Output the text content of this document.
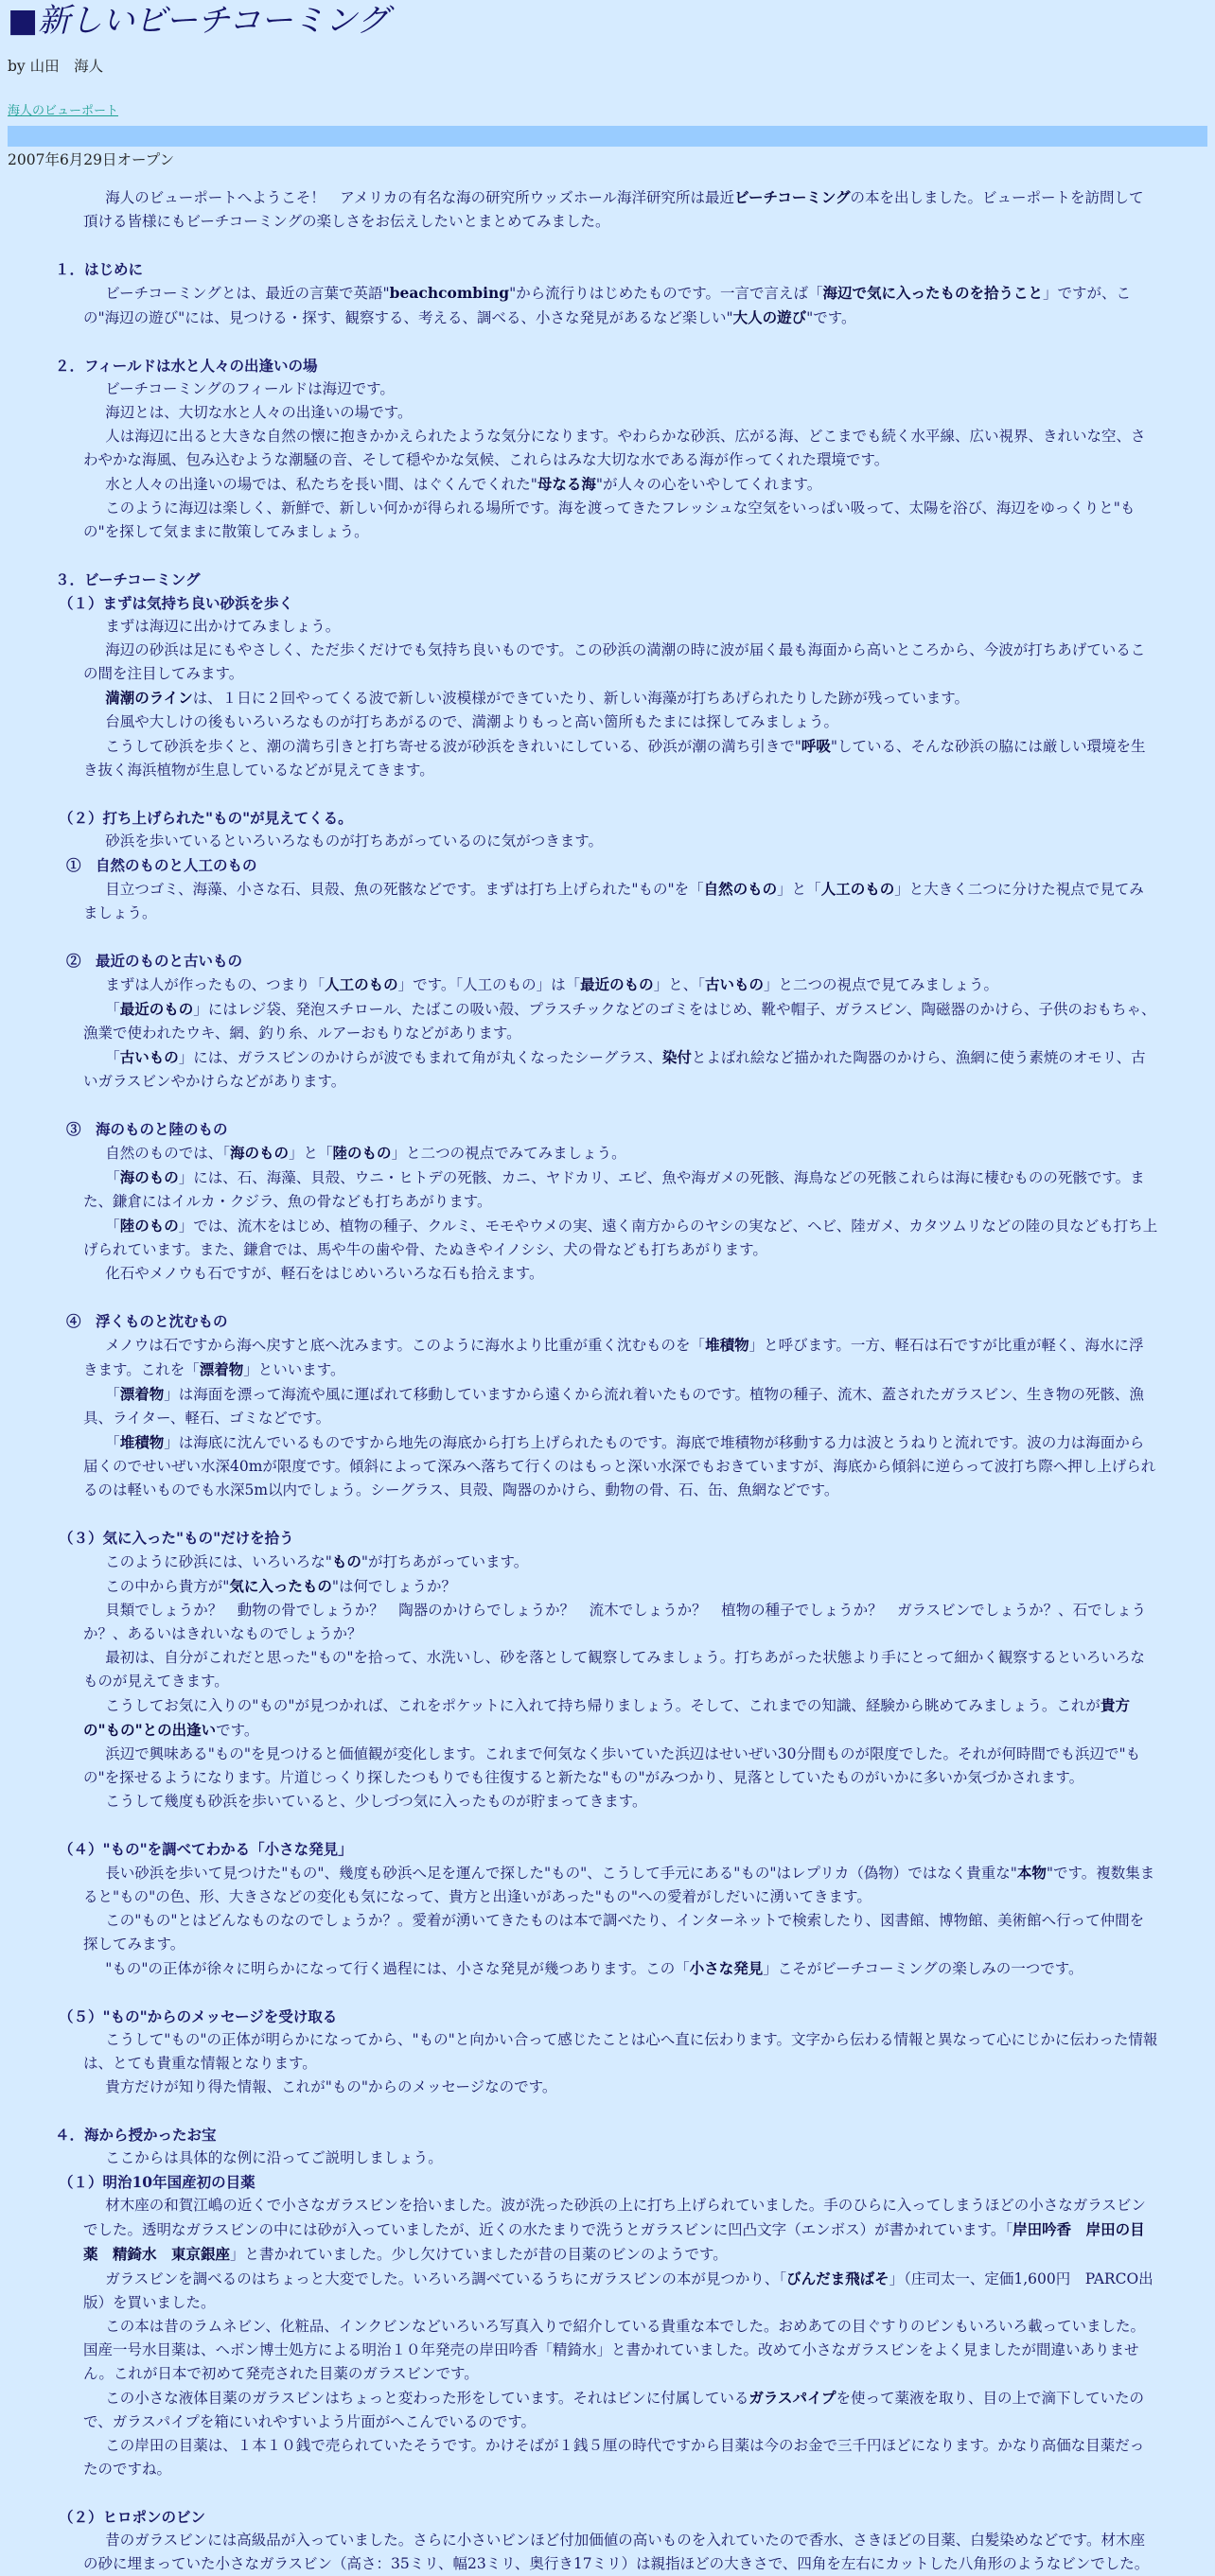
■新しいビーチコーミング
by 山田　海人
海人のビューポート
2007年6月29日オープン

海人のビューポートへようこそ！　アメリカの有名な海の研究所ウッズホール海洋研究所は最近ビーチコーミングの本を出しました。ビューポートを訪問して頂ける皆様にもビーチコーミングの楽しさをお伝えしたいとまとめてみました。

１．はじめに

ビーチコーミングとは、最近の言葉で英語"beachcombing"から流行りはじめたものです。一言で言えば「海辺で気に入ったものを拾うこと」ですが、この"海辺の遊び"には、見つける・探す、観察する、考える、調べる、小さな発見があるなど楽しい"大人の遊び"です。

２．フィールドは水と人々の出逢いの場

ビーチコーミングのフィールドは海辺です。

海辺とは、大切な水と人々の出逢いの場です。

人は海辺に出ると大きな自然の懐に抱きかかえられたような気分になります。やわらかな砂浜、広がる海、どこまでも続く水平線、広い視界、きれいな空、さわやかな海風、包み込むような潮騒の音、そして穏やかな気候、これらはみな大切な水である海が作ってくれた環境です。

水と人々の出逢いの場では、私たちを長い間、はぐくんでくれた"母なる海"が人々の心をいやしてくれます。

このように海辺は楽しく、新鮮で、新しい何かが得られる場所です。海を渡ってきたフレッシュな空気をいっぱい吸って、太陽を浴び、海辺をゆっくりと"もの"を探して気ままに散策してみましょう。

３．ビーチコーミング
（１）まずは気持ち良い砂浜を歩く

まずは海辺に出かけてみましょう。

海辺の砂浜は足にもやさしく、ただ歩くだけでも気持ち良いものです。この砂浜の満潮の時に波が届く最も海面から高いところから、今波が打ちあげているこの間を注目してみます。

満潮のラインは、１日に２回やってくる波で新しい波模様ができていたり、新しい海藻が打ちあげられたりした跡が残っています。

台風や大しけの後もいろいろなものが打ちあがるので、満潮よりもっと高い箇所もたまには探してみましょう。

こうして砂浜を歩くと、潮の満ち引きと打ち寄せる波が砂浜をきれいにしている、砂浜が潮の満ち引きで"呼吸"している、そんな砂浜の脇には厳しい環境を生き抜く海浜植物が生息しているなどが見えてきます。

（２）打ち上げられた"もの"が見えてくる。

砂浜を歩いているといろいろなものが打ちあがっているのに気がつきます。

①　自然のものと人工のもの

目立つゴミ、海藻、小さな石、貝殻、魚の死骸などです。まずは打ち上げられた"もの"を「自然のもの」と「人工のもの」と大きく二つに分けた視点で見てみましょう。

②　最近のものと古いもの

まずは人が作ったもの、つまり「人工のもの」です。「人工のもの」は「最近のもの」と、「古いもの」と二つの視点で見てみましょう。

「最近のもの」にはレジ袋、発泡スチロール、たばこの吸い殻、プラスチックなどのゴミをはじめ、靴や帽子、ガラスビン、陶磁器のかけら、子供のおもちゃ、漁業で使われたウキ、網、釣り糸、ルアーおもりなどがあります。

「古いもの」には、ガラスビンのかけらが波でもまれて角が丸くなったシーグラス、染付とよばれ絵など描かれた陶器のかけら、漁網に使う素焼のオモリ、古いガラスビンやかけらなどがあります。

③　海のものと陸のもの

自然のものでは、「海のもの」と「陸のもの」と二つの視点でみてみましょう。

「海のもの」には、石、海藻、貝殻、ウニ・ヒトデの死骸、カニ、ヤドカリ、エビ、魚や海ガメの死骸、海鳥などの死骸これらは海に棲むものの死骸です。また、鎌倉にはイルカ・クジラ、魚の骨なども打ちあがります。

「陸のもの」では、流木をはじめ、植物の種子、クルミ、モモやウメの実、遠く南方からのヤシの実など、ヘビ、陸ガメ、カタツムリなどの陸の貝なども打ち上げられています。また、鎌倉では、馬や牛の歯や骨、たぬきやイノシシ、犬の骨なども打ちあがります。

化石やメノウも石ですが、軽石をはじめいろいろな石も拾えます。

④　浮くものと沈むもの

メノウは石ですから海へ戻すと底へ沈みます。このように海水より比重が重く沈むものを「堆積物」と呼びます。一方、軽石は石ですが比重が軽く、海水に浮きます。これを「漂着物」といいます。

「漂着物」は海面を漂って海流や風に運ばれて移動していますから遠くから流れ着いたものです。植物の種子、流木、蓋されたガラスビン、生き物の死骸、漁具、ライター、軽石、ゴミなどです。

「堆積物」は海底に沈んでいるものですから地先の海底から打ち上げられたものです。海底で堆積物が移動する力は波とうねりと流れです。波の力は海面から届くのでせいぜい水深40mが限度です。傾斜によって深みへ落ちて行くのはもっと深い水深でもおきていますが、海底から傾斜に逆らって波打ち際へ押し上げられるのは軽いものでも水深5m以内でしょう。シーグラス、貝殻、陶器のかけら、動物の骨、石、缶、魚網などです。

（３）気に入った"もの"だけを拾う

このように砂浜には、いろいろな"もの"が打ちあがっています。

この中から貴方が"気に入ったもの"は何でしょうか？

貝類でしょうか？　動物の骨でしょうか？　陶器のかけらでしょうか？　流木でしょうか？　植物の種子でしょうか？　ガラスビンでしょうか？、石でしょうか？、あるいはきれいなものでしょうか？

最初は、自分がこれだと思った"もの"を拾って、水洗いし、砂を落として観察してみましょう。打ちあがった状態より手にとって細かく観察するといろいろなものが見えてきます。

こうしてお気に入りの"もの"が見つかれば、これをポケットに入れて持ち帰りましょう。そして、これまでの知識、経験から眺めてみましょう。これが貴方の"もの"との出逢いです。

浜辺で興味ある"もの"を見つけると価値観が変化します。これまで何気なく歩いていた浜辺はせいぜい30分間ものが限度でした。それが何時間でも浜辺で"もの"を探せるようになります。片道じっくり探したつもりでも往復すると新たな"もの"がみつかり、見落としていたものがいかに多いか気づかされます。

こうして幾度も砂浜を歩いていると、少しづつ気に入ったものが貯まってきます。

（４）"もの"を調べてわかる「小さな発見」

長い砂浜を歩いて見つけた"もの"、幾度も砂浜へ足を運んで探した"もの"、こうして手元にある"もの"はレプリカ（偽物）ではなく貴重な"本物"です。複数集まると"もの"の色、形、大きさなどの変化も気になって、貴方と出逢いがあった"もの"への愛着がしだいに湧いてきます。

この"もの"とはどんなものなのでしょうか？。愛着が湧いてきたものは本で調べたり、インターネットで検索したり、図書館、博物館、美術館へ行って仲間を探してみます。

"もの"の正体が徐々に明らかになって行く過程には、小さな発見が幾つあります。この「小さな発見」こそがビーチコーミングの楽しみの一つです。

（５）"もの"からのメッセージを受け取る

こうして"もの"の正体が明らかになってから、"もの"と向かい合って感じたことは心へ直に伝わります。文字から伝わる情報と異なって心にじかに伝わった情報は、とても貴重な情報となります。

貴方だけが知り得た情報、これが"もの"からのメッセージなのです。

４．海から授かったお宝

ここからは具体的な例に沿ってご説明しましょう。

（１）明治10年国産初の目薬

材木座の和賀江嶋の近くで小さなガラスビンを拾いました。波が洗った砂浜の上に打ち上げられていました。手のひらに入ってしまうほどの小さなガラスビンでした。透明なガラスビンの中には砂が入っていましたが、近くの水たまりで洗うとガラスビンに凹凸文字（エンボス）が書かれています。「岸田吟香　岸田の目薬　精錡水　東京銀座」と書かれていました。少し欠けていましたが昔の目薬のビンのようです。

ガラスビンを調べるのはちょっと大変でした。いろいろ調べているうちにガラスビンの本が見つかり、「びんだま飛ばそ」（庄司太一、定価1,600円　PARCO出版）を買いました。

この本は昔のラムネビン、化粧品、インクビンなどいろいろ写真入りで紹介している貴重な本でした。おめあての目ぐすりのビンもいろいろ載っていました。国産一号水目薬は、ヘボン博士処方による明治１０年発売の岸田吟香「精錡水」と書かれていました。改めて小さなガラスビンをよく見ましたが間違いありません。これが日本で初めて発売された目薬のガラスビンです。

この小さな液体目薬のガラスビンはちょっと変わった形をしています。それはビンに付属しているガラスパイプを使って薬液を取り、目の上で滴下していたので、ガラスパイプを箱にいれやすいよう片面がへこんでいるのです。

この岸田の目薬は、１本１０銭で売られていたそうです。かけそばが１銭５厘の時代ですから目薬は今のお金で三千円ほどになります。かなり高価な目薬だったのですね。

（２）ヒロポンのビン

昔のガラスビンには高級品が入っていました。さらに小さいビンほど付加価値の高いものを入れていたので香水、さきほどの目薬、白髪染めなどです。材木座の砂に埋まっていた小さなガラスビン（高さ：35ミリ、幅23ミリ、奥行き17ミリ）は親指ほどの大きさで、四角を左右にカットした八角形のようなビンでした。
